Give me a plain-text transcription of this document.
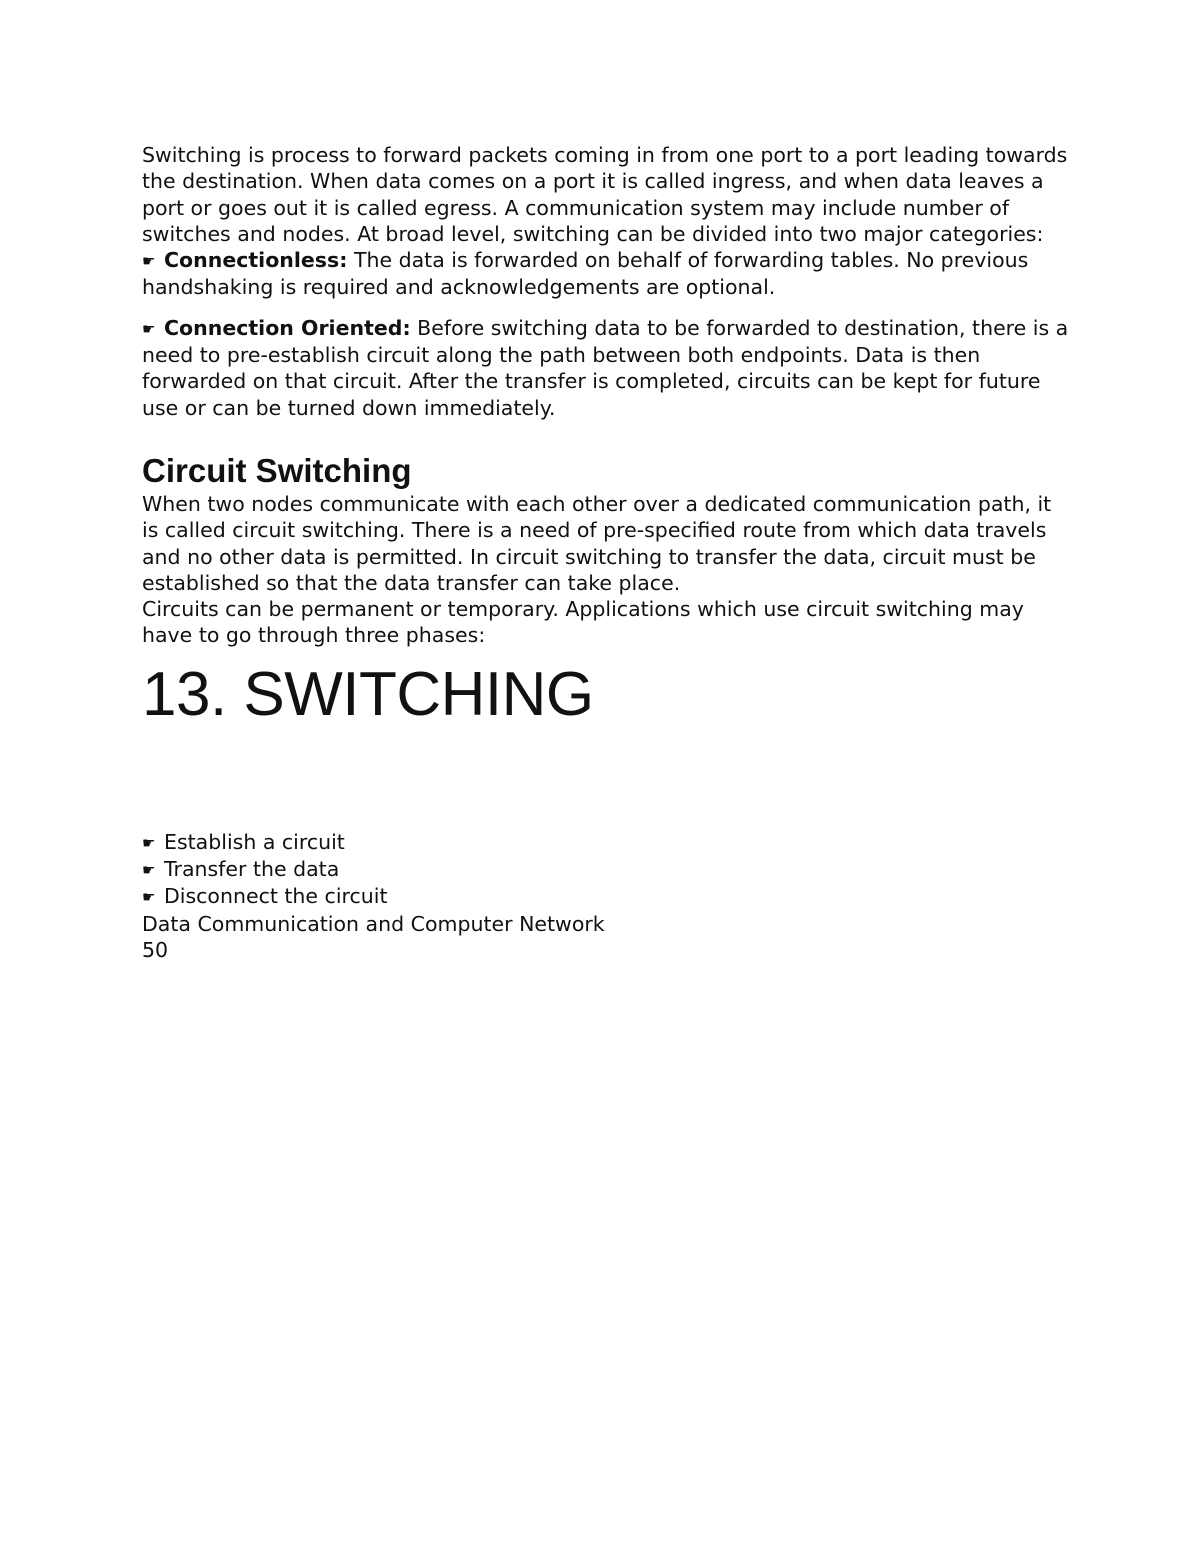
Switching is process to forward packets coming in from one port to a port leading towards the destination. When data comes on a port it is called ingress, and when data leaves a port or goes out it is called egress. A communication system may include number of switches and nodes. At broad level, switching can be divided into two major categories:

☛ Connectionless: The data is forwarded on behalf of forwarding tables. No previous handshaking is required and acknowledgements are optional.

☛ Connection Oriented: Before switching data to be forwarded to destination, there is a need to pre-establish circuit along the path between both endpoints. Data is then forwarded on that circuit. After the transfer is completed, circuits can be kept for future use or can be turned down immediately.

Circuit Switching

When two nodes communicate with each other over a dedicated communication path, it is called circuit switching. There is a need of pre-specified route from which data travels and no other data is permitted. In circuit switching to transfer the data, circuit must be established so that the data transfer can take place.

Circuits can be permanent or temporary. Applications which use circuit switching may have to go through three phases:

13. SWITCHING

☛ Establish a circuit

☛ Transfer the data

☛ Disconnect the circuit

Data Communication and Computer Network

50
